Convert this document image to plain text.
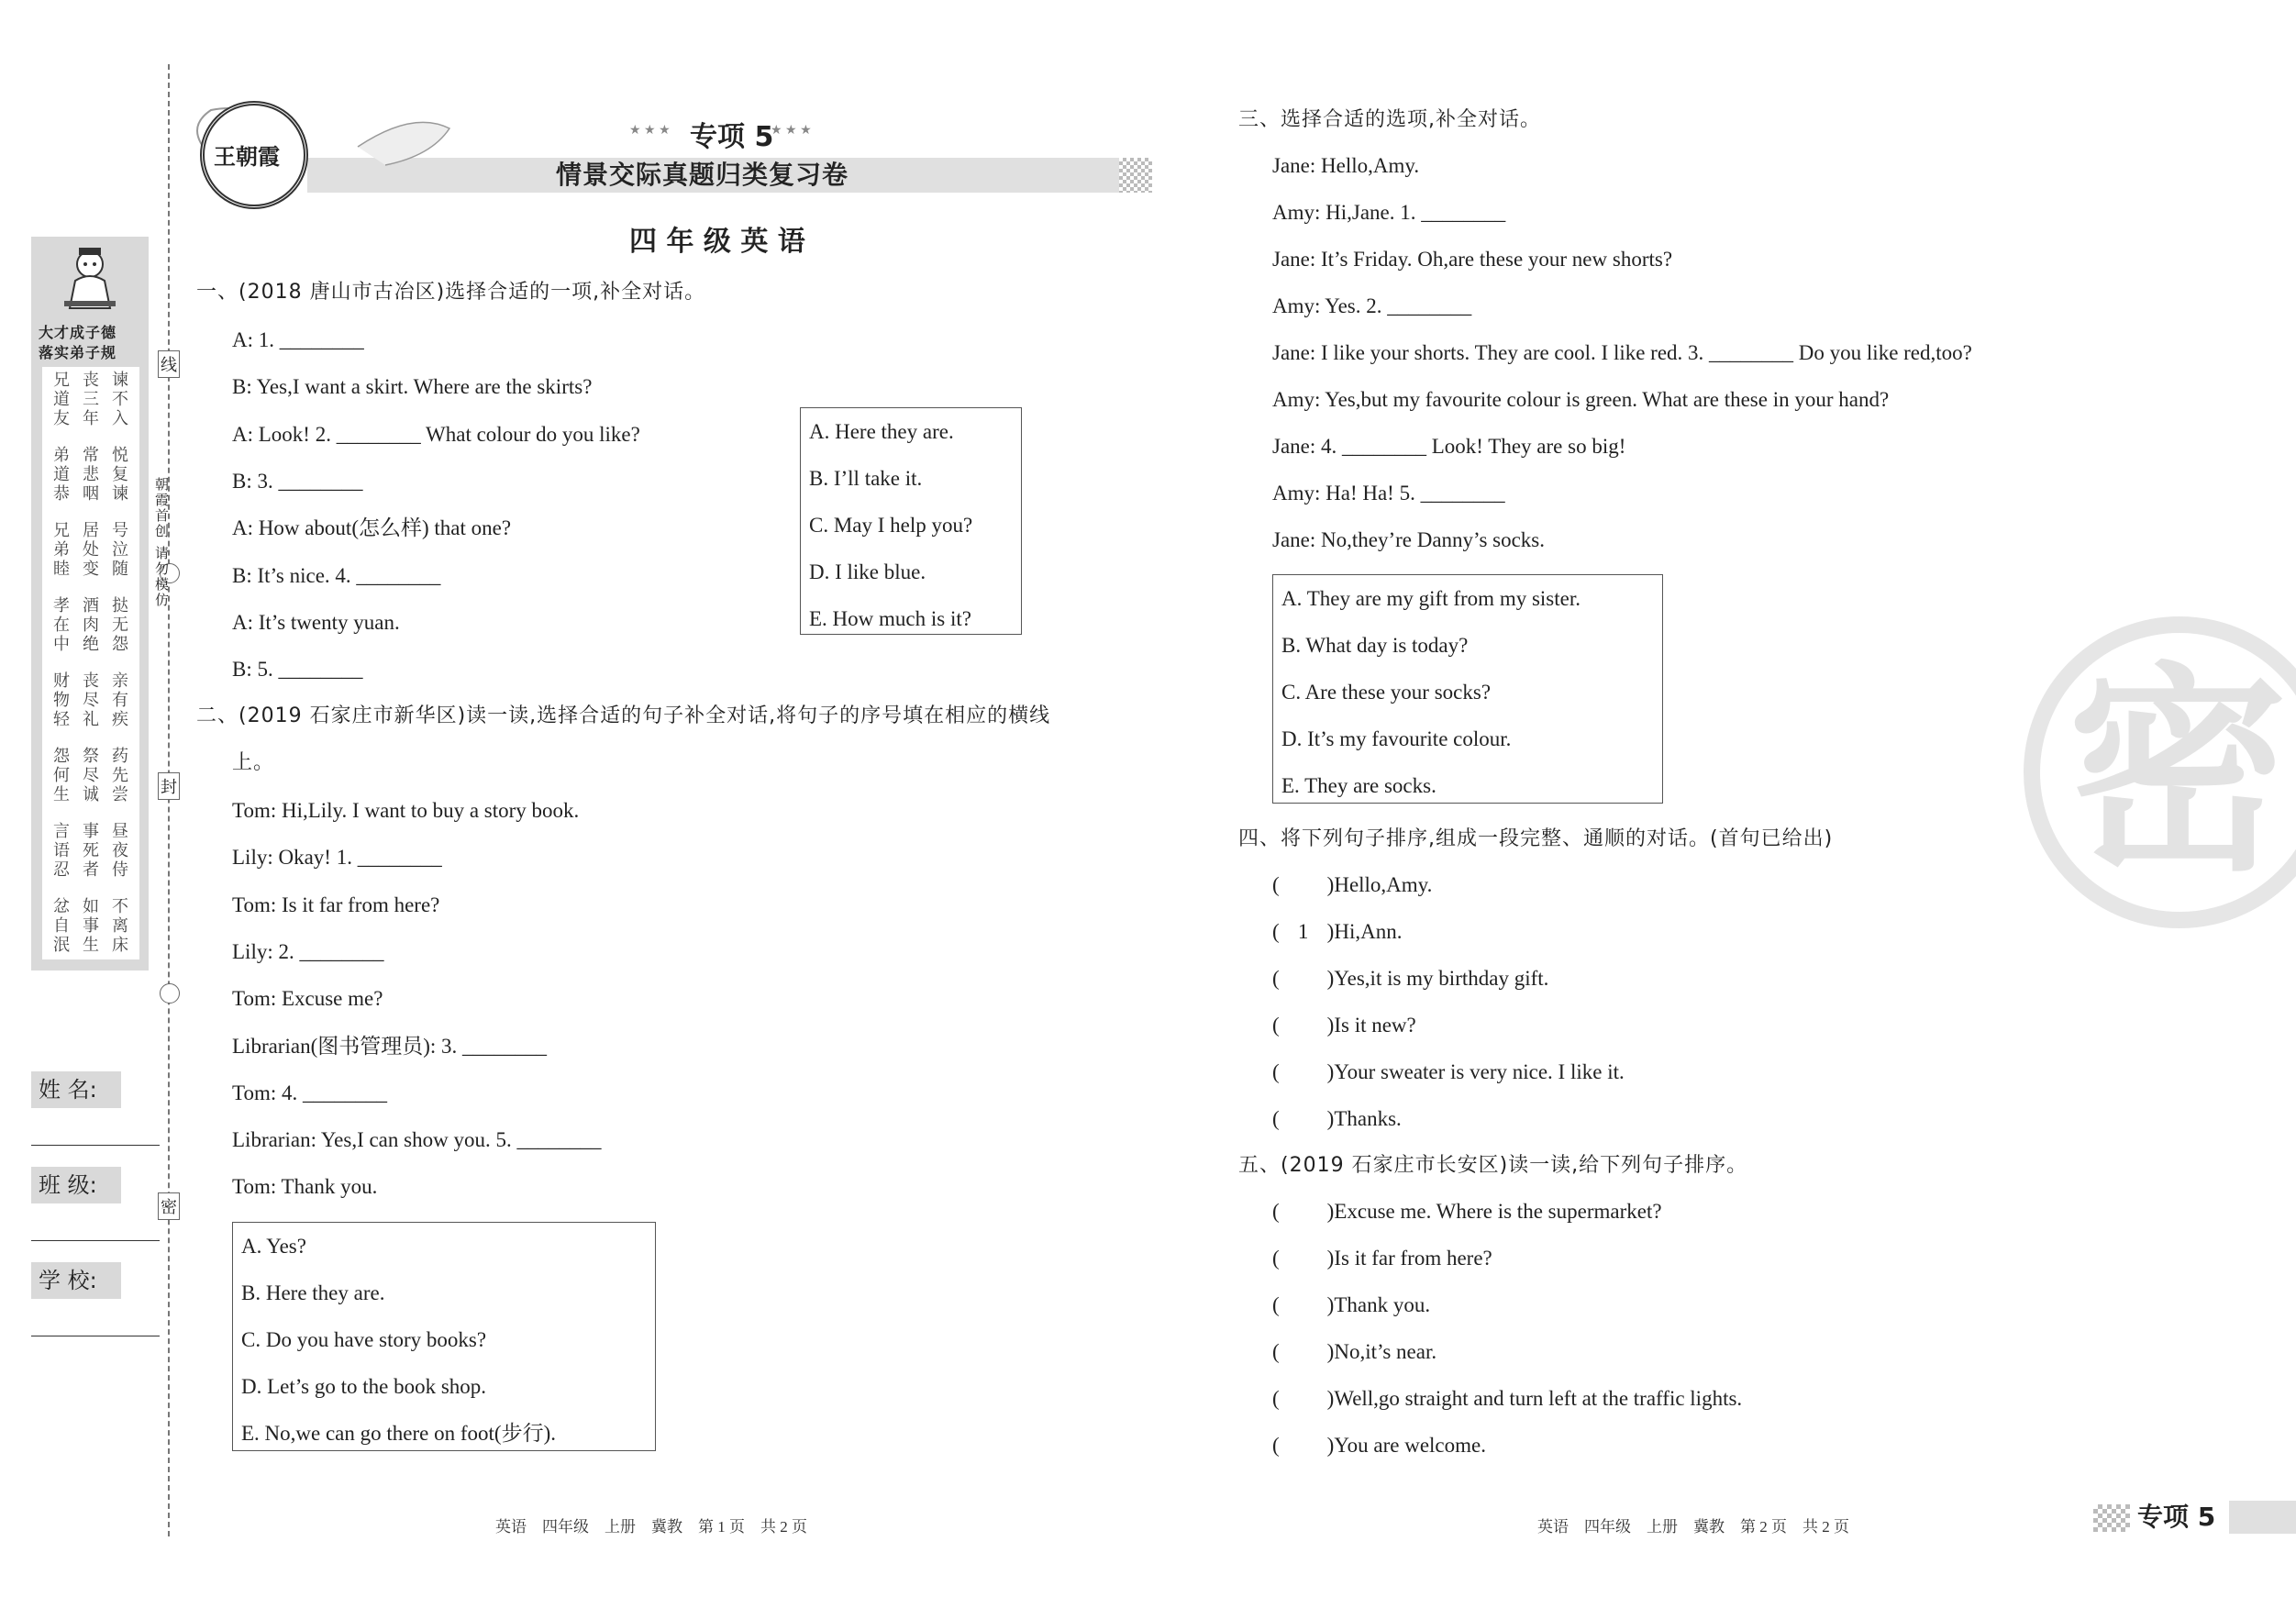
大才成子德
落实弟子规
兄道友
丧三年
谏不入
弟道恭
常悲咽
悦复谏
兄弟睦
居处变
号泣随
孝在中
酒肉绝
挞无怨
财物轻
丧尽礼
亲有疾
怨何生
祭尽诚
药先尝
言语忍
事死者
昼夜侍
忿自泯
如事生
不离床
线
封
密
朝霞首创 请勿模仿
姓 名:
班 级:
学 校:
王朝霞
★ ★ ★ 专项 5
★ ★ ★
情景交际真题归类复习卷
四 年 级 英 语
一、(2018 唐山市古冶区)选择合适的一项,补全对话。
A: 1. ________
B: Yes,I want a skirt. Where are the skirts?
A: Look! 2. ________ What colour do you like?
B: 3. ________
A: How about(怎么样) that one?
B: It’s nice. 4. ________
A: It’s twenty yuan.
B: 5. ________
A. Here they are.
B. I’ll take it.
C. May I help you?
D. I like blue.
E. How much is it?
二、(2019 石家庄市新华区)读一读,选择合适的句子补全对话,将句子的序号填在相应的横线
上。
Tom: Hi,Lily. I want to buy a story book.
Lily: Okay! 1. ________
Tom: Is it far from here?
Lily: 2. ________
Tom: Excuse me?
Librarian(图书管理员): 3. ________
Tom: 4. ________
Librarian: Yes,I can show you. 5. ________
Tom: Thank you.
A. Yes?
B. Here they are.
C. Do you have story books?
D. Let’s go to the book shop.
E. No,we can go there on foot(步行).
三、选择合适的选项,补全对话。
Jane: Hello,Amy.
Amy: Hi,Jane. 1. ________
Jane: It’s Friday. Oh,are these your new shorts?
Amy: Yes. 2. ________
Jane: I like your shorts. They are cool. I like red. 3. ________ Do you like red,too?
Amy: Yes,but my favourite colour is green. What are these in your hand?
Jane: 4. ________ Look! They are so big!
Amy: Ha! Ha! 5. ________
Jane: No,they’re Danny’s socks.
A. They are my gift from my sister.
B. What day is today?
C. Are these your socks?
D. It’s my favourite colour.
E. They are socks.
四、将下列句子排序,组成一段完整、通顺的对话。(首句已给出)
( )Hello,Amy.
( 1 )Hi,Ann.
( )Yes,it is my birthday gift.
( )Is it new?
( )Your sweater is very nice. I like it.
( )Thanks.
五、(2019 石家庄市长安区)读一读,给下列句子排序。
( )Excuse me. Where is the supermarket?
( )Is it far from here?
( )Thank you.
( )No,it’s near.
( )Well,go straight and turn left at the traffic lights.
( )You are welcome.
密
英语　四年级　上册　冀教　第 1 页　共 2 页	英语　四年级　上册　冀教　第 2 页　共 2 页	专项 5
